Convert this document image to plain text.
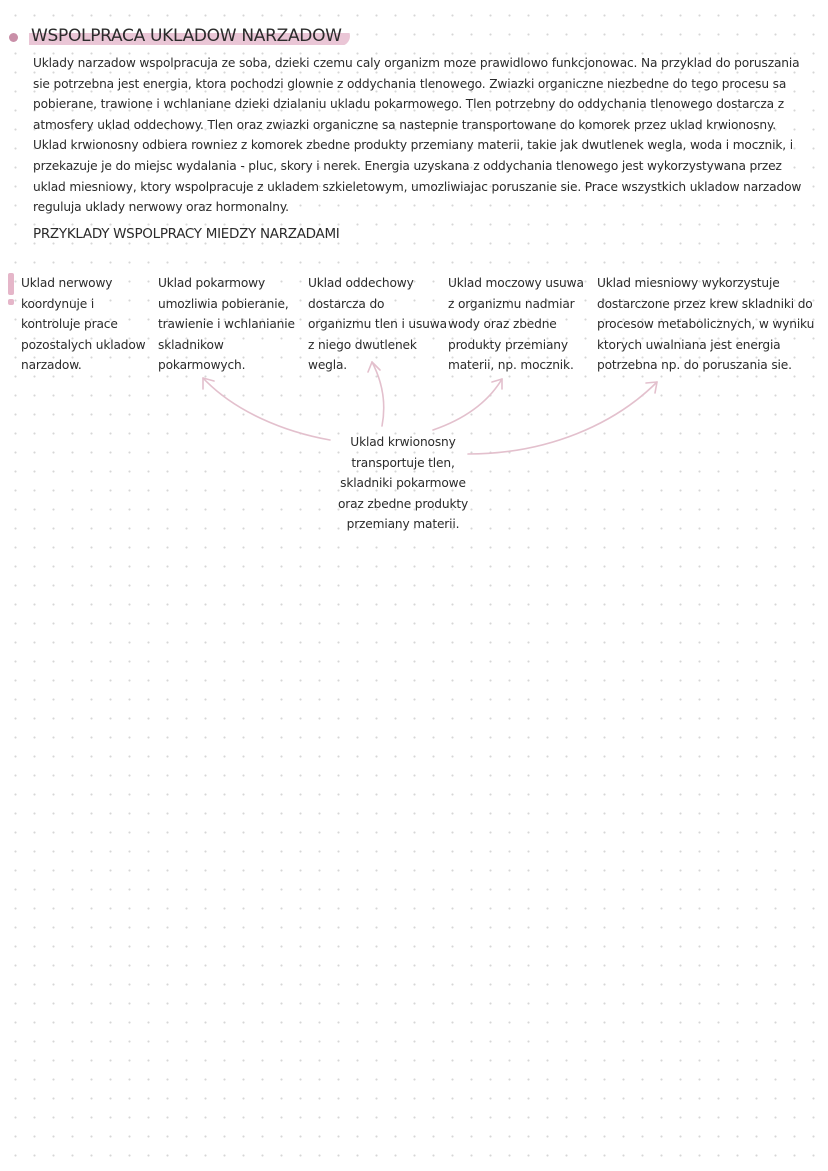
WSPOLPRACA UKLADOW NARZADOW
Uklady narzadow wspolpracuja ze soba, dzieki czemu caly organizm moze prawidlowo funkcjonowac. Na przyklad do poruszania sie potrzebna jest energia, ktora pochodzi glownie z oddychania tlenowego. Zwiazki organiczne niezbedne do tego procesu sa pobierane, trawione i wchlaniane dzieki dzialaniu ukladu pokarmowego. Tlen potrzebny do oddychania tlenowego dostarcza z atmosfery uklad oddechowy. Tlen oraz zwiazki organiczne sa nastepnie transportowane do komorek przez uklad krwionosny. Uklad krwionosny odbiera rowniez z komorek zbedne produkty przemiany materii, takie jak dwutlenek wegla, woda i mocznik, i przekazuje je do miejsc wydalania - pluc, skory i nerek. Energia uzyskana z oddychania tlenowego jest wykorzystywana przez uklad miesniowy, ktory wspolpracuje z ukladem szkieletowym, umozliwiajac poruszanie sie. Prace wszystkich ukladow narzadow reguluja uklady nerwowy oraz hormonalny.
PRZYKLADY WSPOLPRACY MIEDZY NARZADAMI
Uklad nerwowy koordynuje i kontroluje prace pozostalych ukladow narzadow.
Uklad pokarmowy umozliwia pobieranie, trawienie i wchlanianie skladnikow pokarmowych.
Uklad oddechowy dostarcza do organizmu tlen i usuwa z niego dwutlenek wegla.
Uklad moczowy usuwa z organizmu nadmiar wody oraz zbedne produkty przemiany materii, np. mocznik.
Uklad miesniowy wykorzystuje dostarczone przez krew skladniki do procesow metabolicznych, w wyniku ktorych uwalniana jest energia potrzebna np. do poruszania sie.
Uklad krwionosny transportuje tlen, skladniki pokarmowe oraz zbedne produkty przemiany materii.
